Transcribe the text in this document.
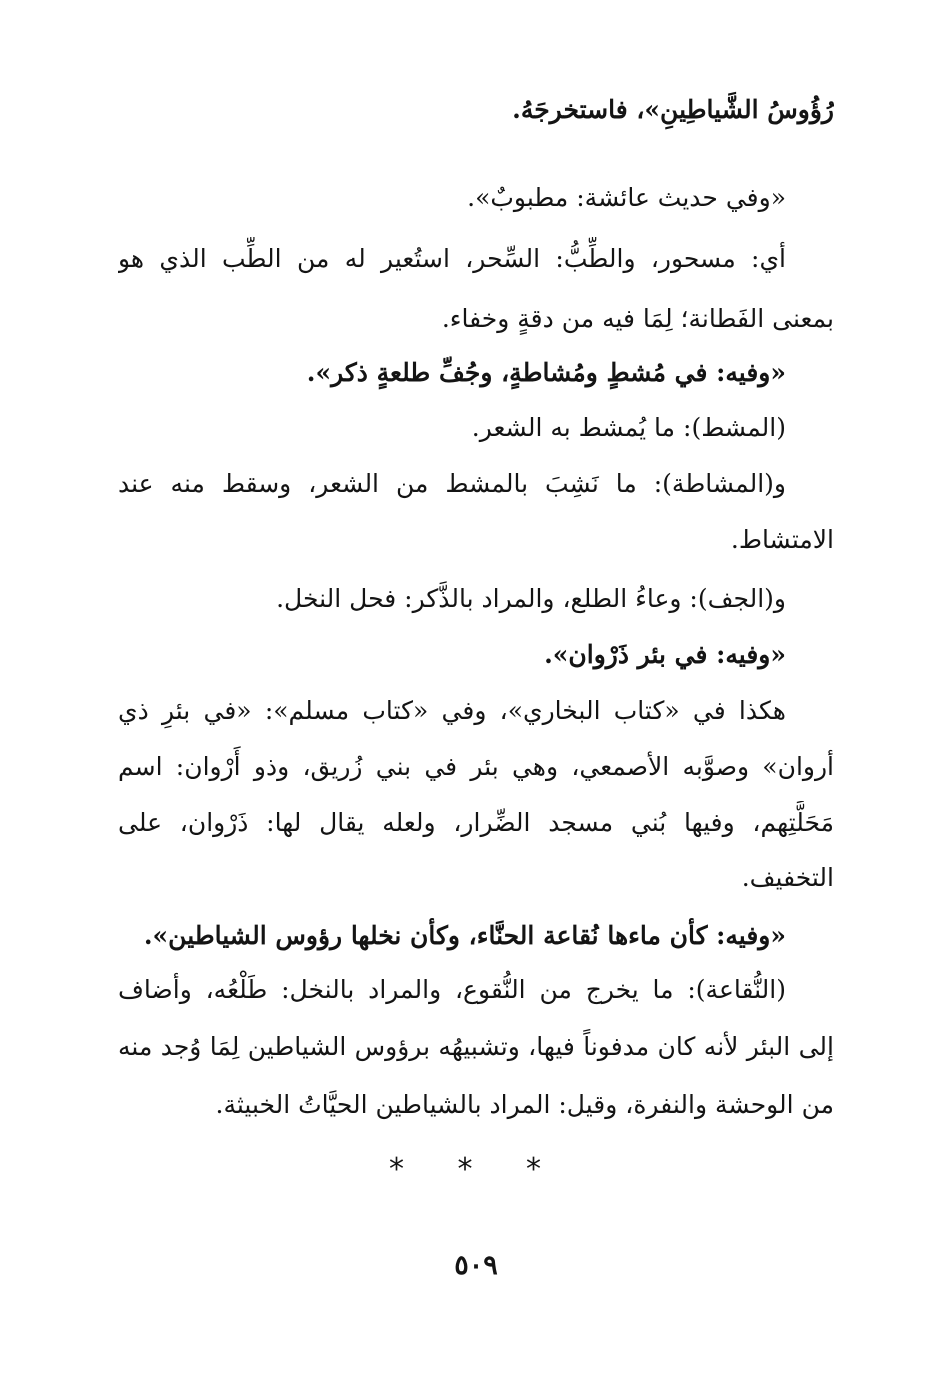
رُؤُوسُ الشَّياطِينِ»، فاستخرجَهُ.
«وفي حديث عائشة: مطبوبٌ».
أي: مسحور، والطِّبُّ: السِّحر، استُعير له من الطِّب الذي هو
بمعنى الفَطانة؛ لِمَا فيه من دقةٍ وخفاء.
«وفيه: في مُشطٍ ومُشاطةٍ، وجُفِّ طلعةٍ ذكر».
(المشط): ما يُمشط به الشعر.
و(المشاطة): ما نَشِبَ بالمشط من الشعر، وسقط منه عند
الامتشاط.
و(الجف): وعاءُ الطلع، والمراد بالذَّكر: فحل النخل.
«وفيه: في بئر ذَرْوان».
هكذا في «كتاب البخاري»، وفي «كتاب مسلم»: «في بئرِ ذي
أروان» وصوَّبه الأصمعي، وهي بئر في بني زُريق، وذو أَرْوان: اسم
مَحَلَّتِهم، وفيها بُني مسجد الضِّرار، ولعله يقال لها: ذَرْوان، على
التخفيف.
«وفيه: كأن ماءها نُقاعة الحنَّاء، وكأن نخلها رؤوس الشياطين».
(النُّقاعة): ما يخرج من النُّقوع، والمراد بالنخل: طَلْعُه، وأضاف
إلى البئر لأنه كان مدفوناً فيها، وتشبيهُه برؤوس الشياطين لِمَا وُجد منه
من الوحشة والنفرة، وقيل: المراد بالشياطين الحيَّاتُ الخبيثة.
* * *
٥٠٩
